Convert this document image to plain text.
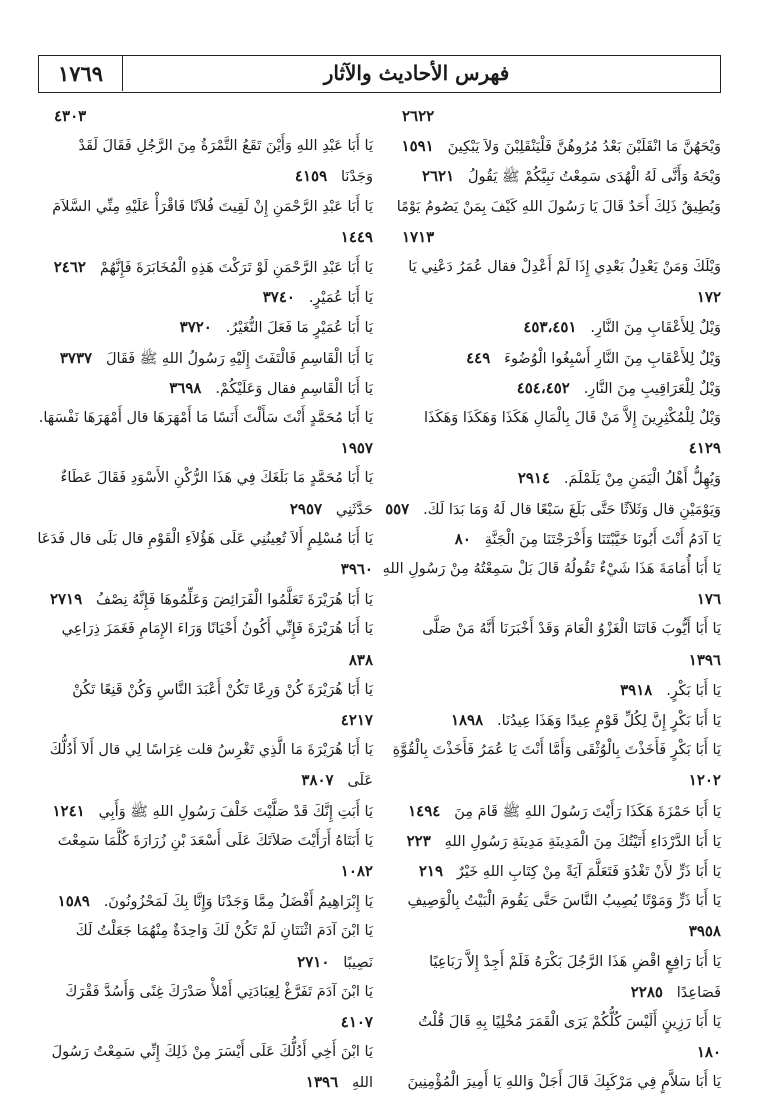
١٧٦٩	فهرس الأحاديث والآثار
٢٦٢٢
وَيْحَهُنَّ مَا انْقَلَبْنَ بَعْدُ مُرُوهُنَّ فَلْيَنْقَلِبْنَ وَلاَ يَبْكِينَ   ١٥٩١
وَيْحَهُ وَأَنَّى لَهُ الْهُدَى سَمِعْتُ نَبِيَّكُمْ ﷺ يَقُولُ   ٢٦٢١
وَيُطِيقُ ذَلِكَ أَحَدٌ قَالَ يَا رَسُولَ اللهِ كَيْفَ بِمَنْ يَصُومُ يَوْمًا
١٧١٣
وَيْلَكَ وَمَنْ يَعْدِلُ بَعْدِي إِذَا لَمْ أَعْدِلْ فقال عُمَرُ دَعْنِي يَا
١٧٢
وَيْلٌ لِلأَعْقَابِ مِنَ النَّارِ.   ٤٥٣،٤٥١
وَيْلٌ لِلأَعْقَابِ مِنَ النَّارِ أَسْبِغُوا الْوُضُوءَ   ٤٤٩
وَيْلٌ لِلْعَرَاقِيبِ مِنَ النَّارِ.   ٤٥٤،٤٥٢
وَيْلٌ لِلْمُكْثِرِينَ إِلاَّ مَنْ قَالَ بِالْمَالِ هَكَذَا وَهَكَذَا وَهَكَذَا
٤١٢٩
وَيُهِلُّ أَهْلُ الْيَمَنِ مِنْ يَلَمْلَمَ.   ٢٩١٤
وَيَوْمَيْنِ قال وَثَلاَثًا حَتَّى بَلَغَ سَبْعًا قال لَهُ وَمَا بَدَا لَكَ.   ٥٥٧
يَا آدَمُ أَنْتَ أَبُونَا خَيَّبْتَنَا وَأَخْرَجْتَنَا مِنَ الْجَنَّةِ   ٨٠
يَا أَبَا أُمَامَةَ هَذَا شَيْءٌ تَقُولُهُ قَالَ بَلْ سَمِعْتُهُ مِنْ رَسُولِ اللهِ
١٧٦
يَا أَبَا أَيُّوبَ فَاتَنَا الْغَزْوُ الْعَامَ وَقَدْ أَخْبَرَنَا أَنَّهُ مَنْ صَلَّى
١٣٩٦
يَا أَبَا بَكْرٍ.   ٣٩١٨
يَا أَبَا بَكْرٍ إِنَّ لِكُلِّ قَوْمٍ عِيدًا وَهَذَا عِيدُنَا.   ١٨٩٨
يَا أَبَا بَكْرٍ فَأَخَذْتَ بِالْوُثْقَى وَأَمَّا أَنْتَ يَا عُمَرُ فَأَخَذْتَ بِالْقُوَّةِ
١٢٠٢
يَا أَبَا حَمْزَةَ هَكَذَا رَأَيْتَ رَسُولَ اللهِ ﷺ قَامَ مِنَ   ١٤٩٤
يَا أَبَا الدَّرْدَاءِ أَتَيْتُكَ مِنَ الْمَدِينَةِ مَدِينَةِ رَسُولِ اللهِ   ٢٢٣
يَا أَبَا ذَرٍّ لأَنْ تَغْدُوَ فَتَعَلَّمَ آيَةً مِنْ كِتَابِ اللهِ خَيْرٌ   ٢١٩
يَا أَبَا ذَرٍّ وَمَوْتًا يُصِيبُ النَّاسَ حَتَّى يَقُومَ الْبَيْتُ بِالْوَصِيفِ
٣٩٥٨
يَا أَبَا رَافِعٍ اقْضِ هَذَا الرَّجُلَ بَكْرَهُ فَلَمْ أَجِدْ إِلاَّ رَبَاعِيًا
فَصَاعِدًا   ٢٢٨٥
يَا أَبَا رَزِينٍ أَلَيْسَ كُلُّكُمْ يَرَى الْقَمَرَ مُخْلِيًا بِهِ قَالَ قُلْتُ
١٨٠
يَا أَبَا سَلاَّمٍ فِي مَرْكَبِكَ قَالَ أَجَلْ وَاللهِ يَا أَمِيرَ الْمُؤْمِنِينَ
٤٣٠٣
يَا أَبَا عَبْدِ اللهِ وَأَيْنَ تَقَعُ التَّمْرَةُ مِنَ الرَّجُلِ فَقَالَ لَقَدْ
وَجَدْنَا   ٤١٥٩
يَا أَبَا عَبْدِ الرَّحْمَنِ إِنْ لَقِيتَ فُلاَنًا فَاقْرَأْ عَلَيْهِ مِنِّي السَّلاَمَ
١٤٤٩
يَا أَبَا عَبْدِ الرَّحْمَنِ لَوْ تَرَكْتَ هَذِهِ الْمُخَابَرَةَ فَإِنَّهُمْ   ٢٤٦٢
يَا أَبَا عُمَيْرٍ.   ٣٧٤٠
يَا أَبَا عُمَيْرٍ مَا فَعَلَ النُّغَيْرُ.   ٣٧٢٠
يَا أَبَا الْقَاسِمِ فَالْتَفَتَ إِلَيْهِ رَسُولُ اللهِ ﷺ فَقَالَ   ٣٧٣٧
يَا أَبَا الْقَاسِمِ فقال وَعَلَيْكُمْ.   ٣٦٩٨
يَا أَبَا مُحَمَّدٍ أَنْتَ سَأَلْتَ أَنَسًا مَا أَمْهَرَهَا قال أَمْهَرَهَا نَفْسَهَا.
١٩٥٧
يَا أَبَا مُحَمَّدٍ مَا بَلَغَكَ فِي هَذَا الرُّكْنِ الأَسْوَدِ فَقَالَ عَطَاءٌ
حَدَّثَنِي   ٢٩٥٧
يَا أَبَا مُسْلِمٍ أَلاَ تُعِينُنِي عَلَى هَؤُلاَءِ الْقَوْمِ قال بَلَى قال فَدَعَا
٣٩٦٠
يَا أَبَا هُرَيْرَةَ تَعَلَّمُوا الْفَرَائِضَ وَعَلِّمُوهَا فَإِنَّهُ نِصْفُ   ٢٧١٩
يَا أَبَا هُرَيْرَةَ فَإِنِّي أَكُونُ أَحْيَانًا وَرَاءَ الإِمَامِ فَغَمَزَ ذِرَاعِي
٨٣٨
يَا أَبَا هُرَيْرَةَ كُنْ وَرِعًا تَكُنْ أَعْبَدَ النَّاسِ وَكُنْ قَنِعًا تَكُنْ
٤٢١٧
يَا أَبَا هُرَيْرَةَ مَا الَّذِي تَغْرِسُ قلت غِرَاسًا لِي قال أَلاَ أَدُلُّكَ
عَلَى   ٣٨٠٧
يَا أَبَتِ إِنَّكَ قَدْ صَلَّيْتَ خَلْفَ رَسُولِ اللهِ ﷺ وَأَبِي   ١٢٤١
يَا أَبَتَاهُ أَرَأَيْتَ صَلاَتَكَ عَلَى أَسْعَدَ بْنِ زُرَارَةَ كُلَّمَا سَمِعْتَ
١٠٨٢
يَا إِبْرَاهِيمُ أَفْضَلُ مِمَّا وَجَدْنَا وَإِنَّا بِكَ لَمَحْزُونُونَ.   ١٥٨٩
يَا ابْنَ آدَمَ اثْنَتَانِ لَمْ تَكُنْ لَكَ وَاحِدَةٌ مِنْهُمَا جَعَلْتُ لَكَ
نَصِيبًا   ٢٧١٠
يَا ابْنَ آدَمَ تَفَرَّغْ لِعِبَادَتِي أَمْلأْ صَدْرَكَ غِنًى وَأَسُدَّ فَقْرَكَ
٤١٠٧
يَا ابْنَ أَخِي أَدُلُّكَ عَلَى أَيْسَرَ مِنْ ذَلِكَ إِنِّي سَمِعْتُ رَسُولَ
اللهِ   ١٣٩٦
